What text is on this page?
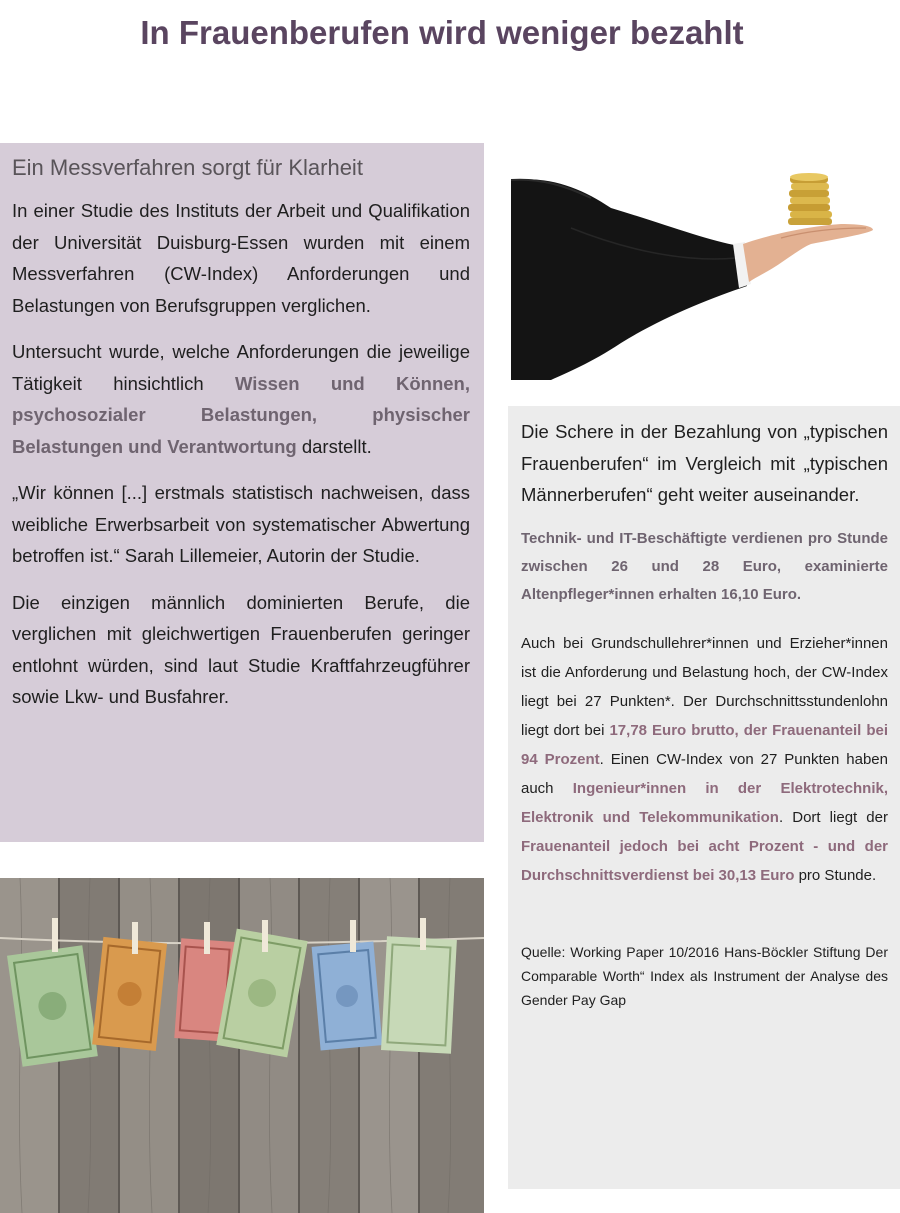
In Frauenberufen wird weniger bezahlt
Ein Messverfahren sorgt für Klarheit

In einer Studie des Instituts der Arbeit und Qualifikation der Universität Duisburg-Essen wurden mit einem Messverfahren (CW-Index) Anforderungen und Belastungen von Berufsgruppen verglichen.

Untersucht wurde, welche Anforderungen die jeweilige Tätigkeit hinsichtlich Wissen und Können, psychosozialer Belastungen, physischer Belastungen und Verantwortung darstellt.

„Wir können [...] erstmals statistisch nachweisen, dass weibliche Erwerbsarbeit von systematischer Abwertung betroffen ist.“ Sarah Lillemeier, Autorin der Studie.

Die einzigen männlich dominierten Berufe, die verglichen mit gleichwertigen Frauenberufen geringer entlohnt würden, sind laut Studie Kraftfahrzeugführer sowie Lkw- und Busfahrer.

Die Schere in der Bezahlung von „typischen Frauenberufen“ im Vergleich mit „typischen Männerberufen“ geht weiter auseinander.

Technik- und IT-Beschäftigte verdienen pro Stunde zwischen 26 und 28 Euro, examinierte Altenpfleger*innen erhalten 16,10 Euro.

Auch bei Grundschullehrer*innen und Erzieher*innen ist die Anforderung und Belastung hoch, der CW-Index liegt bei 27 Punkten*. Der Durchschnittsstundenlohn liegt dort bei 17,78 Euro brutto, der Frauenanteil bei 94 Prozent. Einen CW-Index von 27 Punkten haben auch Ingenieur*innen in der Elektrotechnik, Elektronik und Telekommunikation. Dort liegt der Frauenanteil jedoch bei acht Prozent - und der Durchschnittsverdienst bei 30,13 Euro pro Stunde.

Quelle: Working Paper 10/2016 Hans-Böckler Stiftung Der Comparable Worth“ Index als Instrument der Analyse des Gender Pay Gap
